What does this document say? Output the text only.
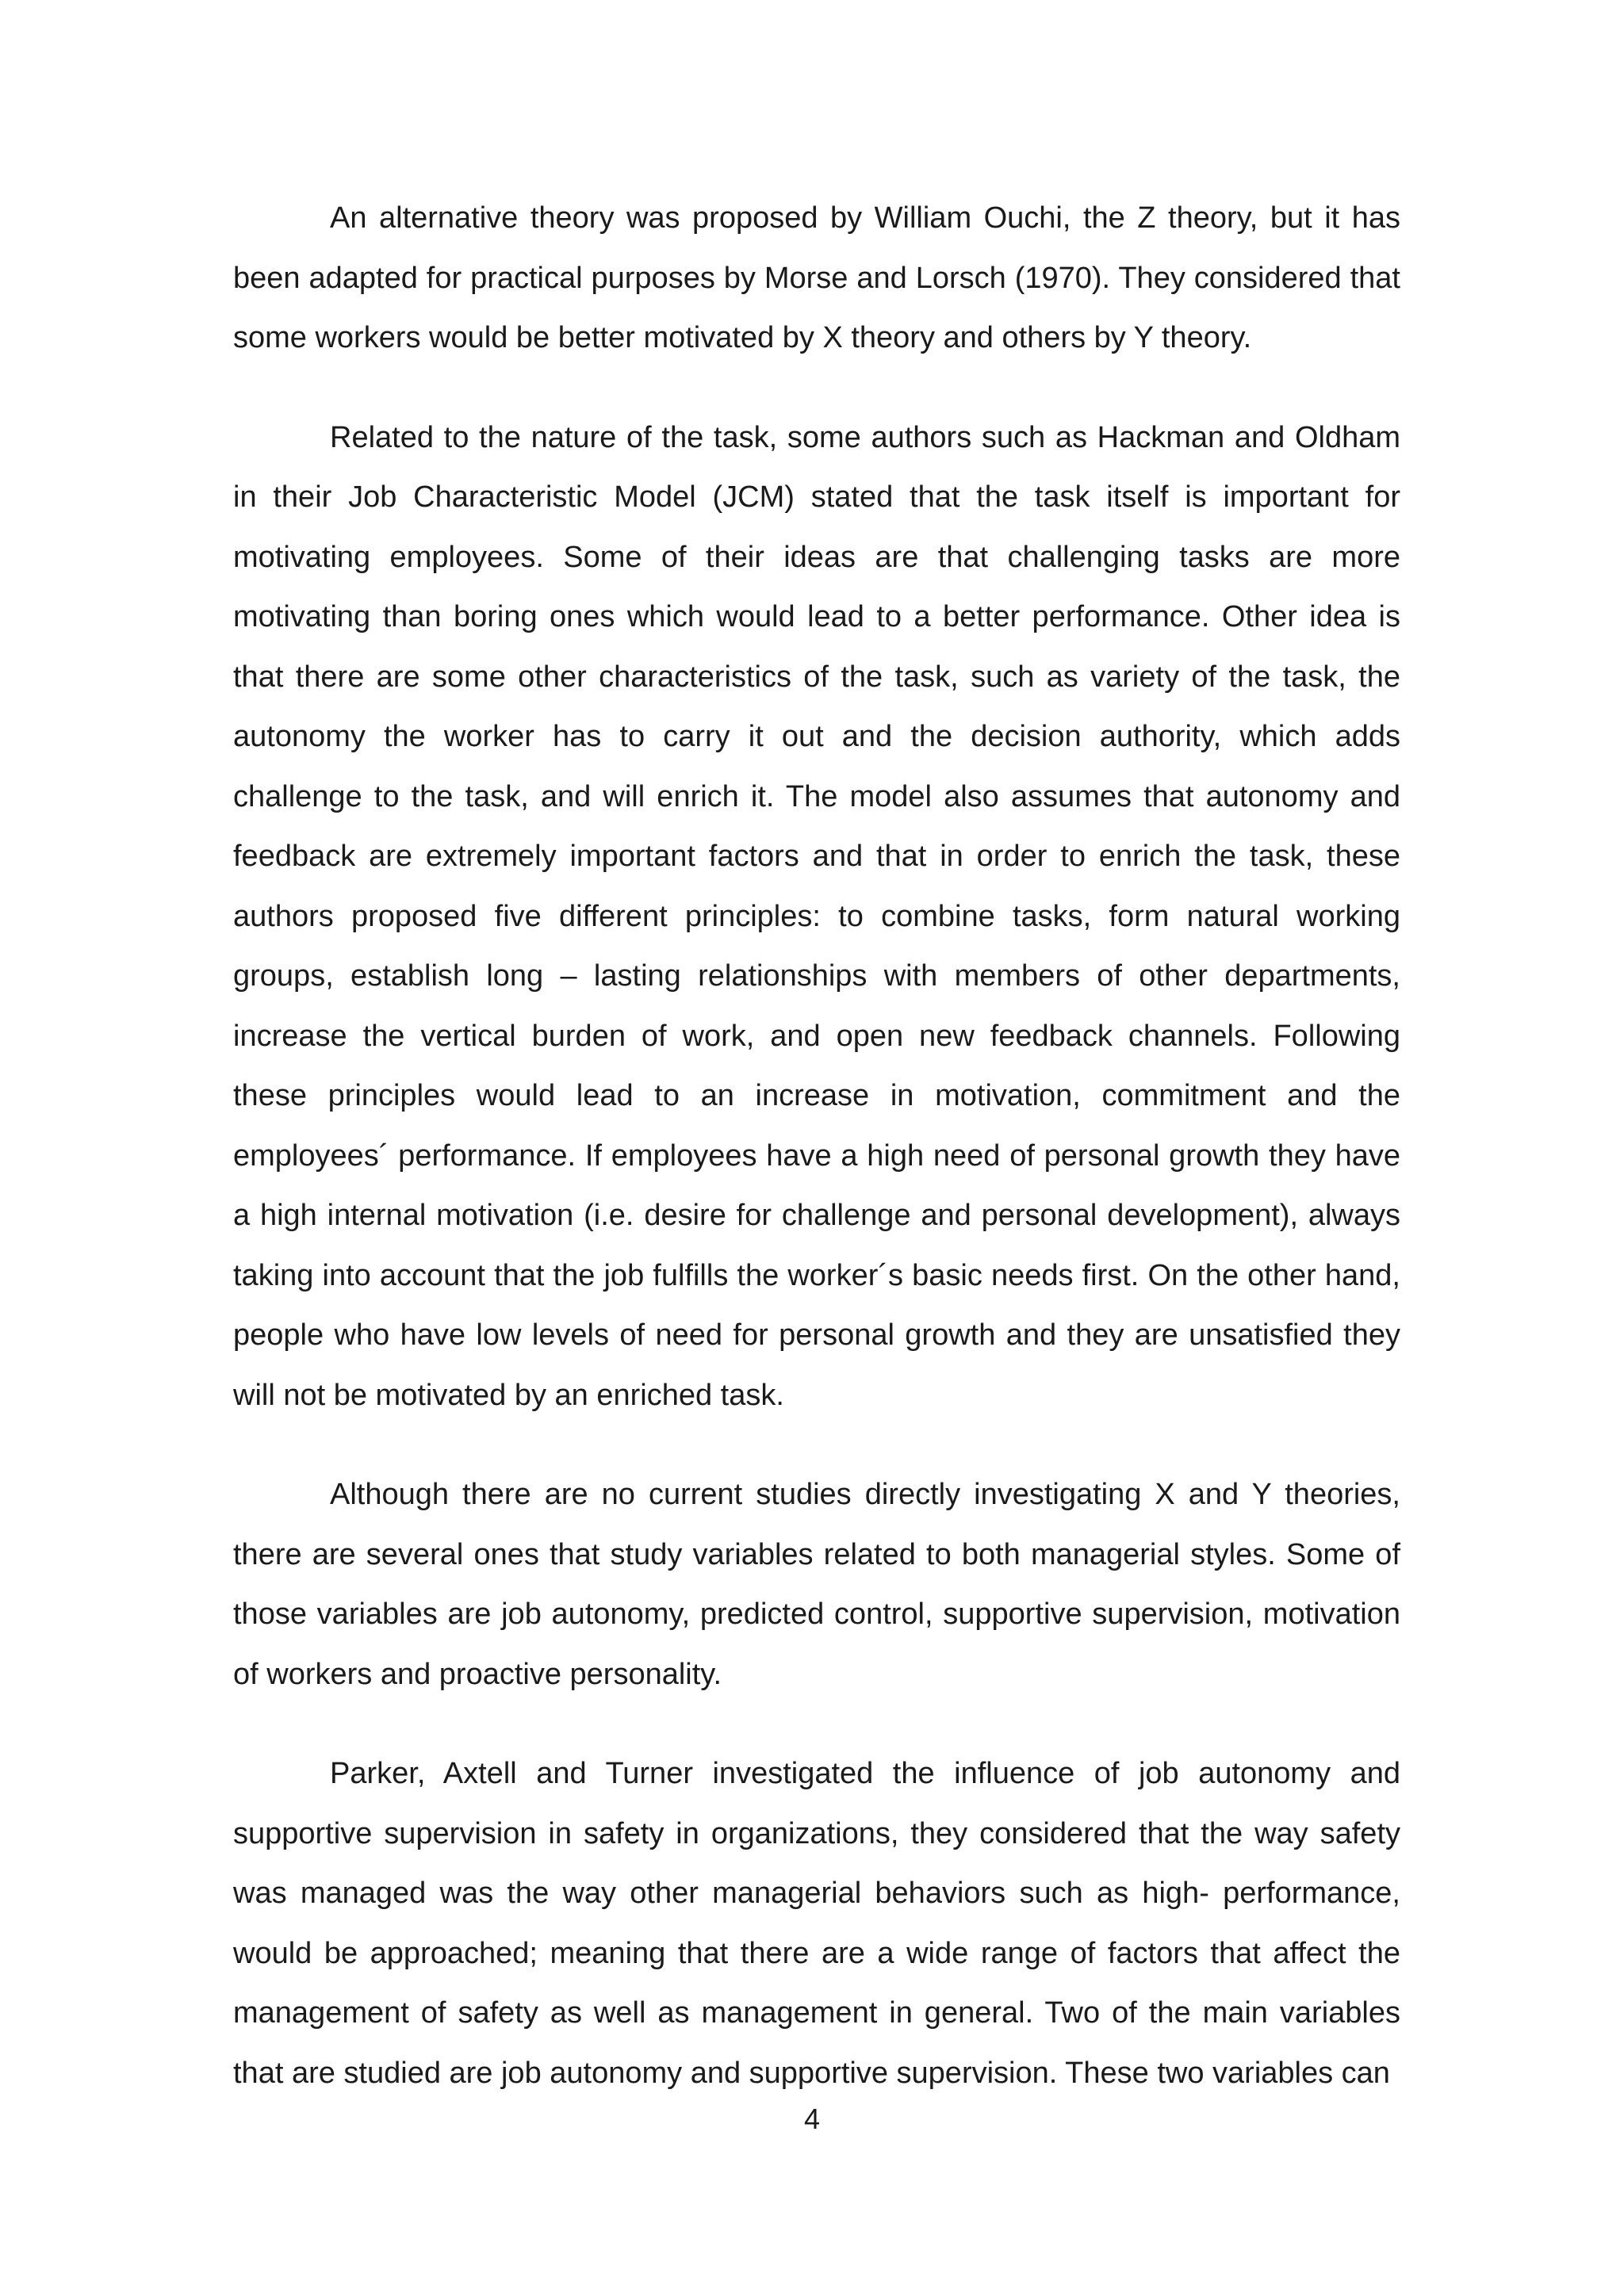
An alternative theory was proposed by William Ouchi, the Z theory, but it has been adapted for practical purposes by Morse and Lorsch (1970). They considered that some workers would be better motivated by X theory and others by Y theory.

Related to the nature of the task, some authors such as Hackman and Oldham in their Job Characteristic Model (JCM) stated that the task itself is important for motivating employees. Some of their ideas are that challenging tasks are more motivating than boring ones which would lead to a better performance. Other idea is that there are some other characteristics of the task, such as variety of the task, the autonomy the worker has to carry it out and the decision authority, which adds challenge to the task, and will enrich it. The model also assumes that autonomy and feedback are extremely important factors and that in order to enrich the task, these authors proposed five different principles: to combine tasks, form natural working groups, establish long – lasting relationships with members of other departments, increase the vertical burden of work, and open new feedback channels. Following these principles would lead to an increase in motivation, commitment and the employees´ performance. If employees have a high need of personal growth they have a high internal motivation (i.e. desire for challenge and personal development), always taking into account that the job fulfills the worker´s basic needs first. On the other hand, people who have low levels of need for personal growth and they are unsatisfied they will not be motivated by an enriched task.

Although there are no current studies directly investigating X and Y theories, there are several ones that study variables related to both managerial styles. Some of those variables are job autonomy, predicted control, supportive supervision, motivation of workers and proactive personality.

Parker, Axtell and Turner investigated the influence of job autonomy and supportive supervision in safety in organizations, they considered that the way safety was managed was the way other managerial behaviors such as high- performance, would be approached; meaning that there are a wide range of factors that affect the management of safety as well as management in general. Two of the main variables that are studied are job autonomy and supportive supervision. These two variables can

4
